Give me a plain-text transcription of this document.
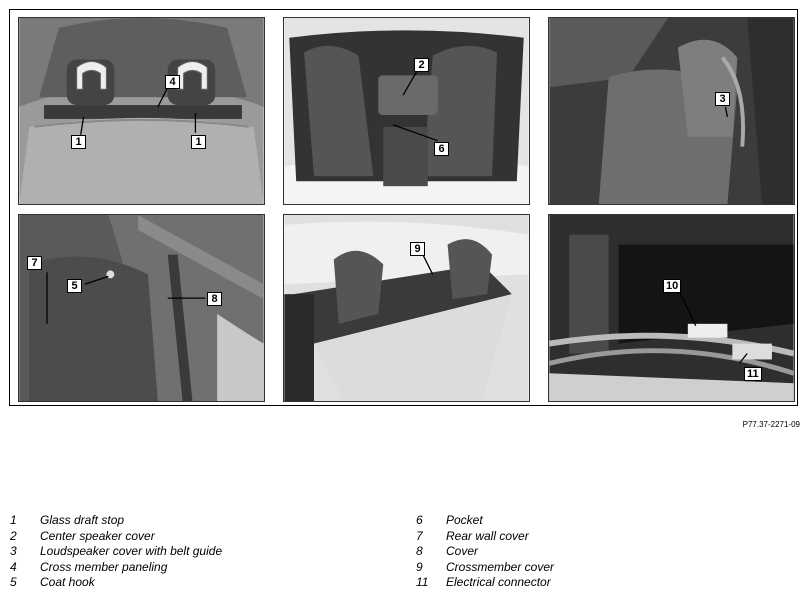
1
4
1
2
6
3
7
5
8
9
10
11
P77.37-2271-09
1 Glass draft stop
2 Center speaker cover
3 Loudspeaker cover with belt guide
4 Cross member paneling
5 Coat hook
6 Pocket
7 Rear wall cover
8 Cover
9 Crossmember cover
11 Electrical connector
